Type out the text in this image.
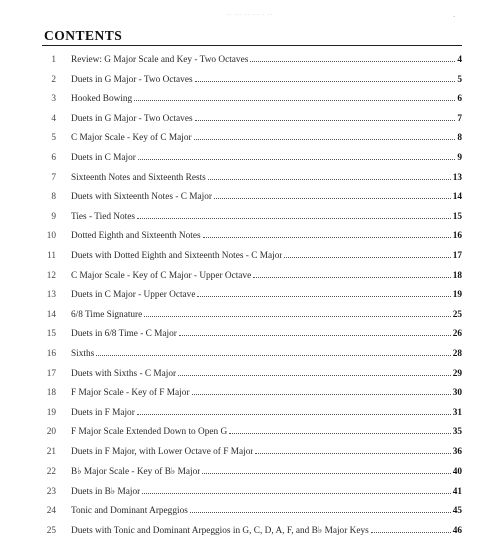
·· ··· ·· ··· · ··	·
CONTENTS
1	Review: G Major Scale and Key - Two Octaves	4
2	Duets in G Major - Two Octaves	5
3	Hooked Bowing	6
4	Duets in G Major - Two Octaves	7
5	C Major Scale - Key of C Major	8
6	Duets in C Major	9
7	Sixteenth Notes and Sixteenth Rests	13
8	Duets with Sixteenth Notes - C Major	14
9	Ties - Tied Notes	15
10	Dotted Eighth and Sixteenth Notes	16
11	Duets with Dotted Eighth and Sixteenth Notes - C Major	17
12	C Major Scale - Key of C Major - Upper Octave	18
13	Duets in C Major - Upper Octave	19
14	6/8 Time Signature	25
15	Duets in 6/8 Time - C Major	26
16	Sixths	28
17	Duets with Sixths - C Major	29
18	F Major Scale - Key of F Major	30
19	Duets in F Major	31
20	F Major Scale Extended Down to Open G	35
21	Duets in F Major, with Lower Octave of F Major	36
22	B♭ Major Scale - Key of B♭ Major	40
23	Duets in B♭ Major	41
24	Tonic and Dominant Arpeggios	45
25	Duets with Tonic and Dominant Arpeggios in G, C, D, A, F, and B♭ Major Keys	46
